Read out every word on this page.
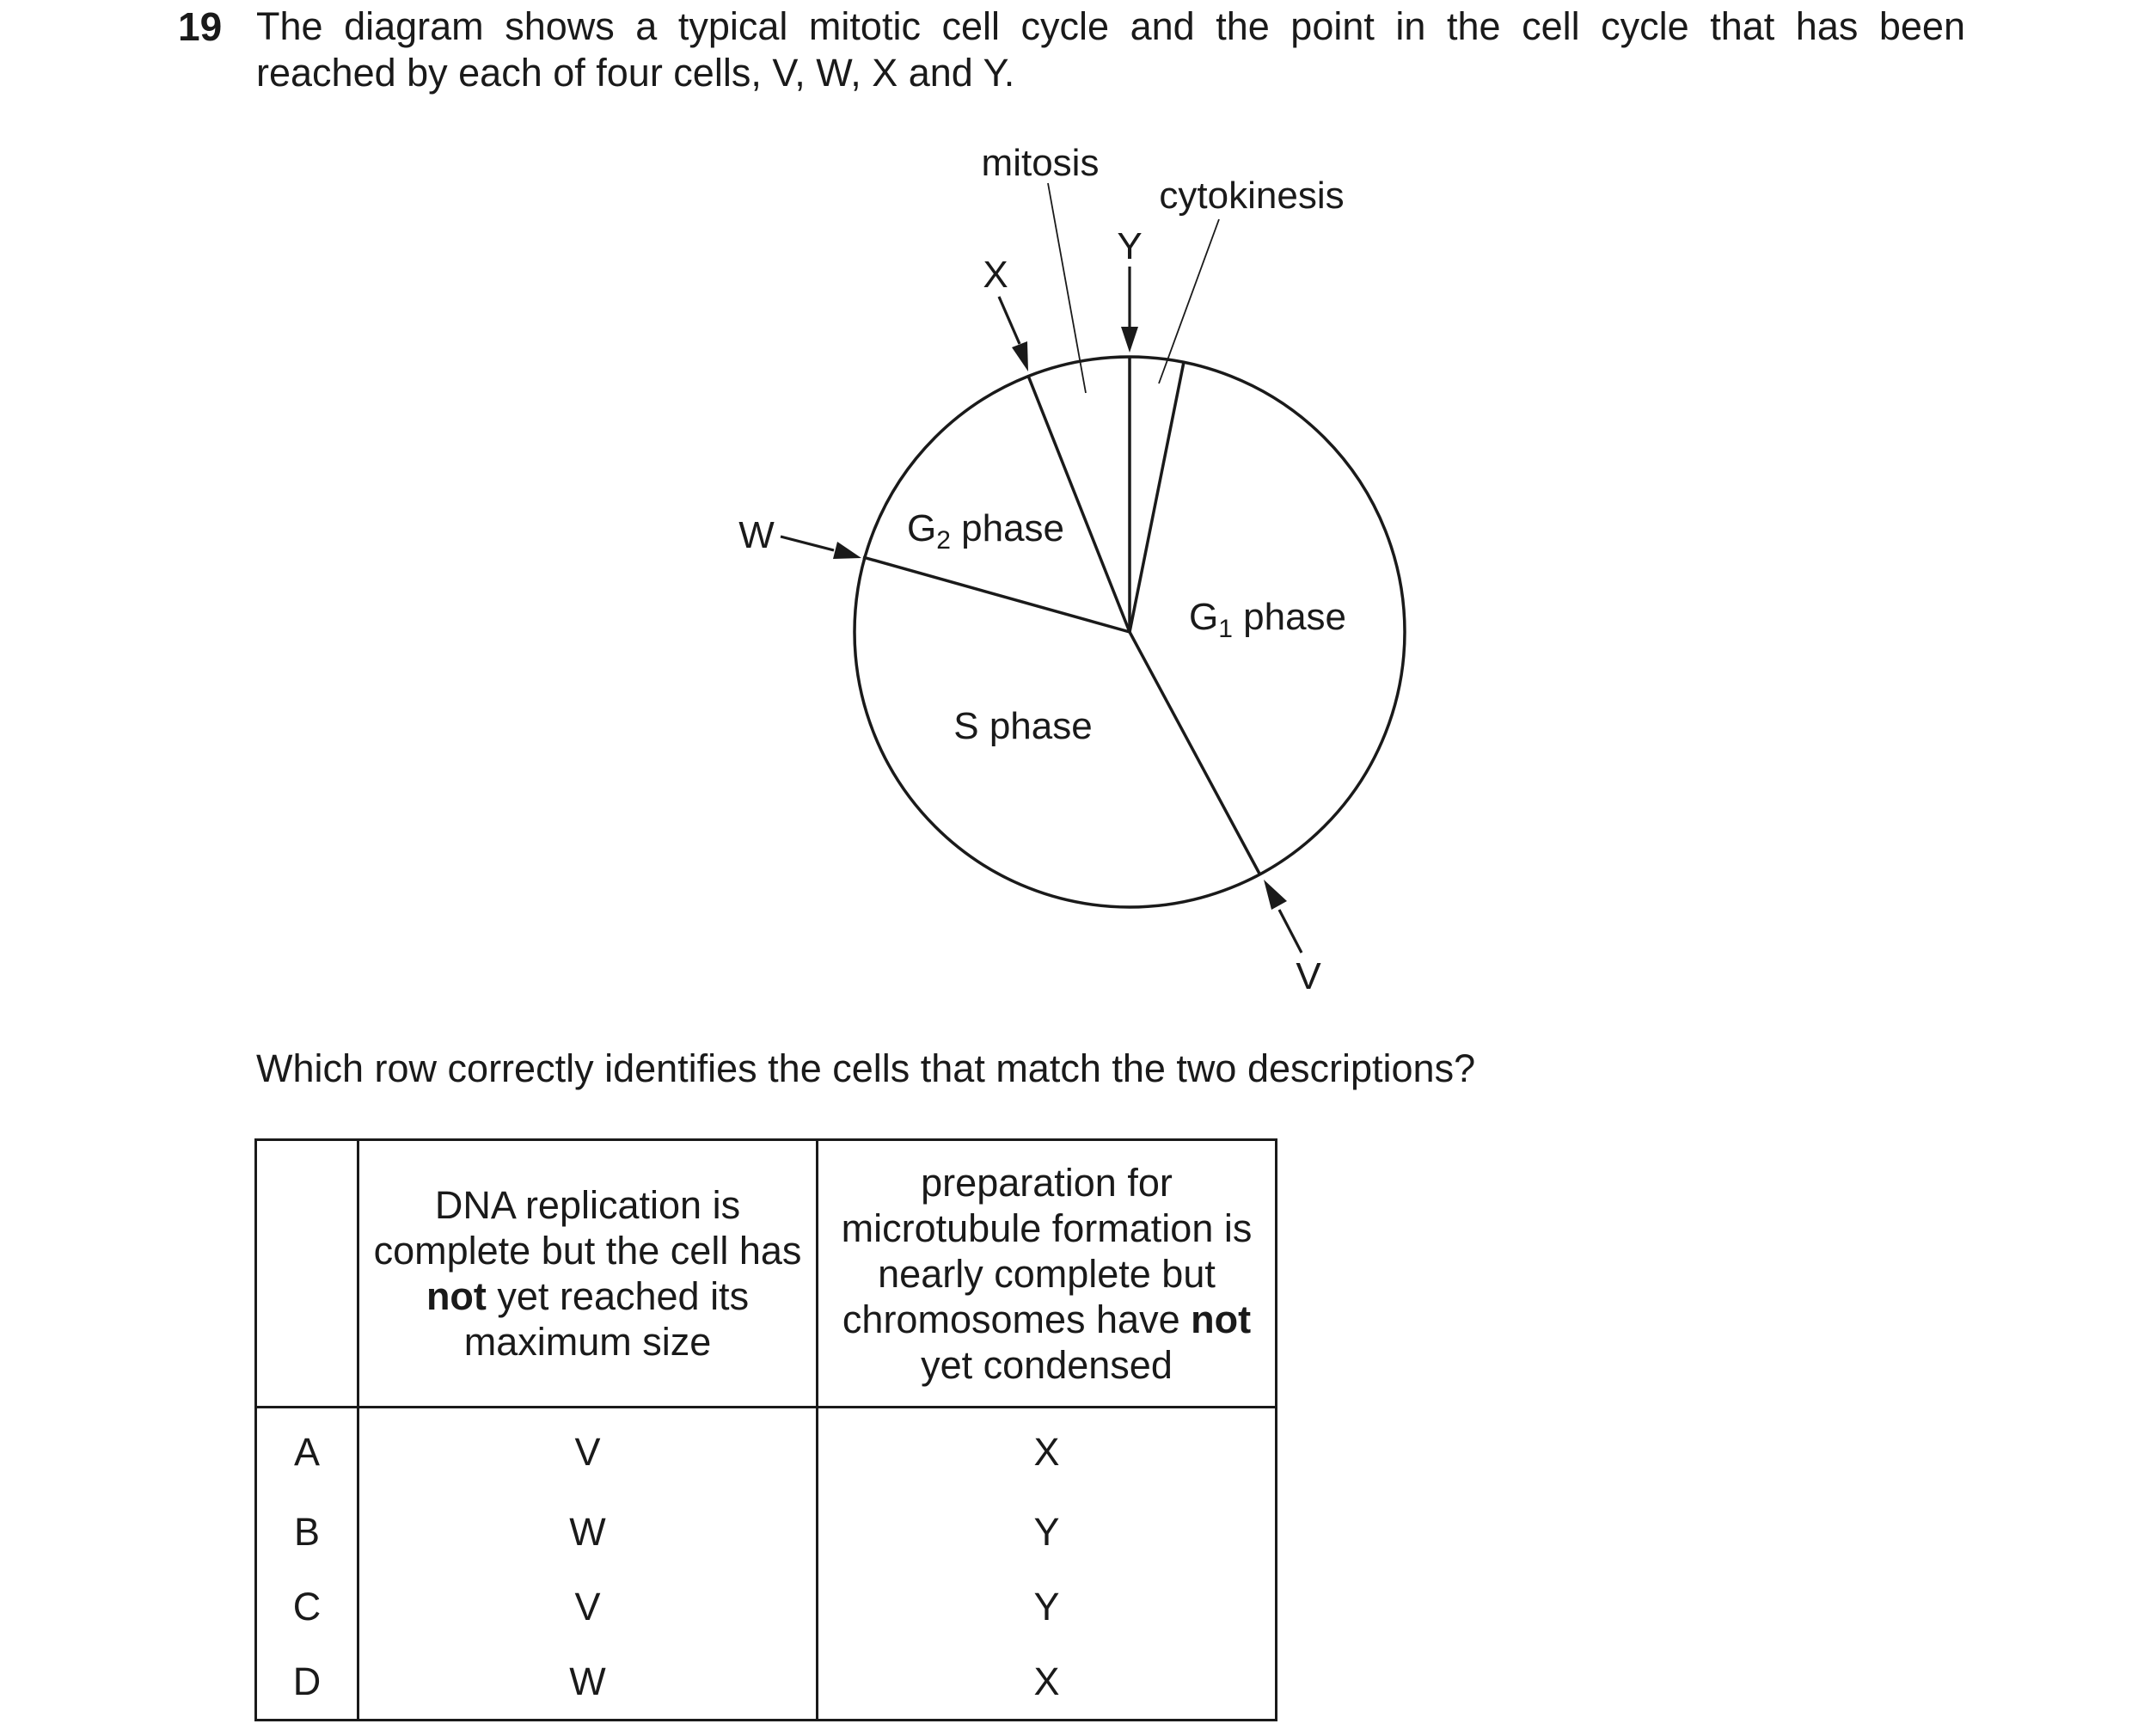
19 The diagram shows a typical mitotic cell cycle and the point in the cell cycle that has been
reached by each of four cells, V, W, X and Y.
mitosis
cytokinesis
$G_2$ phase
$G_1$ phase
S phase
X
Y
W
V
Which row correctly identifies the cells that match the two descriptions?
	DNA replication is complete but the cell has not yet reached its maximum size	preparation for microtubule formation is nearly complete but chromosomes have not yet condensed
A	V	X
B	W	Y
C	V	Y
D	W	X
